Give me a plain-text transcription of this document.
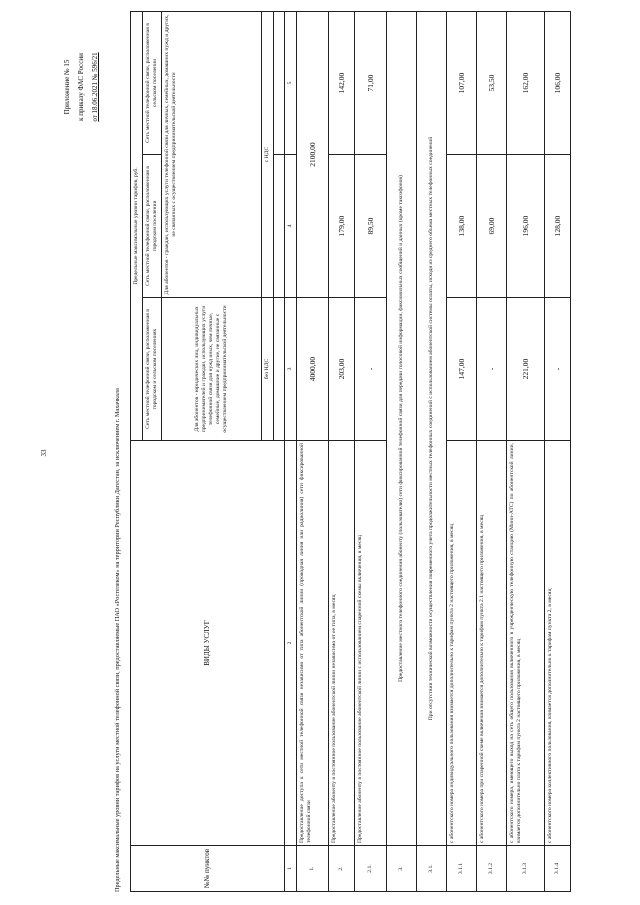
33
Приложение № 15 к приказу ФАС России от 18.06.2021 № 596/21
Предельные максимальные уровни тарифов на услуги местной телефонной связи, предоставляемые ПАО «Ростелеком» на территории Республики Дагестан, за исключением г. Махачкала	№№ пунктов	ВИДЫ УСЛУГ	Предельные максимальные уровни тарифов, руб.		
		Сеть местной телефонной связи, расположенная в городском и сельском поселениях	Сеть местной телефонной связи, расположенная в городском поселении	Сеть местной телефонной связи, расположенная в сельском поселении
		Для абонентов - юридических лиц, индивидуальных предпринимателей и граждан, использующих услуги телефонной связи для нужд иных, чем личные, семейные, домашние и другие, не связанные с осуществлением предпринимательской деятельности	Для абонентов - граждан, использующих услуги телефонной связи для личных, семейных, домашних нужд и других, не связанных с осуществлением предпринимательской деятельности	
		без НДС	с НДС	

1	2	3	4	5
1.	Предоставление доступа к сети местной телефонной связи независимо от типа абонентской линии (проводная линия или радиолиния) сети фиксированной телефонной связи	4000,00	2100,00	
2.	Предоставление абоненту в постоянное пользование абонентской линии независимо от ее типа, в месяц	203,00	179,00	142,00
2.1.	Предоставление абоненту в постоянное пользование абонентской линии с использованием спаренной схемы включения, в месяц	-	89,50	71,00
3.	Предоставление местного телефонного соединения абоненту (пользователю) сети фиксированной телефонной связи для передачи голосовой информации, факсимильных сообщений и данных (кроме таксофонов)			
3.1.	При отсутствии технической возможности осуществления повременного учета продолжительности местных телефонных соединений с использованием абонентской системы оплаты, исходя из среднего объема местных телефонных соединений			
3.1.1	с абонентского номера индивидуального пользования взимается дополнительно к тарифам пункта 2 настоящего приложения, в месяц	147,00	138,00	107,00
3.1.2	с абонентского номера при спаренной схеме включения взимается дополнительно к тарифам пункта 2.1 настоящего приложения, в месяц	-	69,00	53,50
3.1.3	с абонентского номера, имеющего выход на сеть общего пользования включенного в учрежденческую телефонную станцию (Мини-АТС) по абонентской линии, взимается дополнительно плата к тарифам пункта 2 настоящего приложения, в месяц	221,00	196,00	162,00
3.1.4	с абонентского номера коллективного пользования, взимается дополнительно к тарифам пункта 2, в месяц	-	128,00	106,00
